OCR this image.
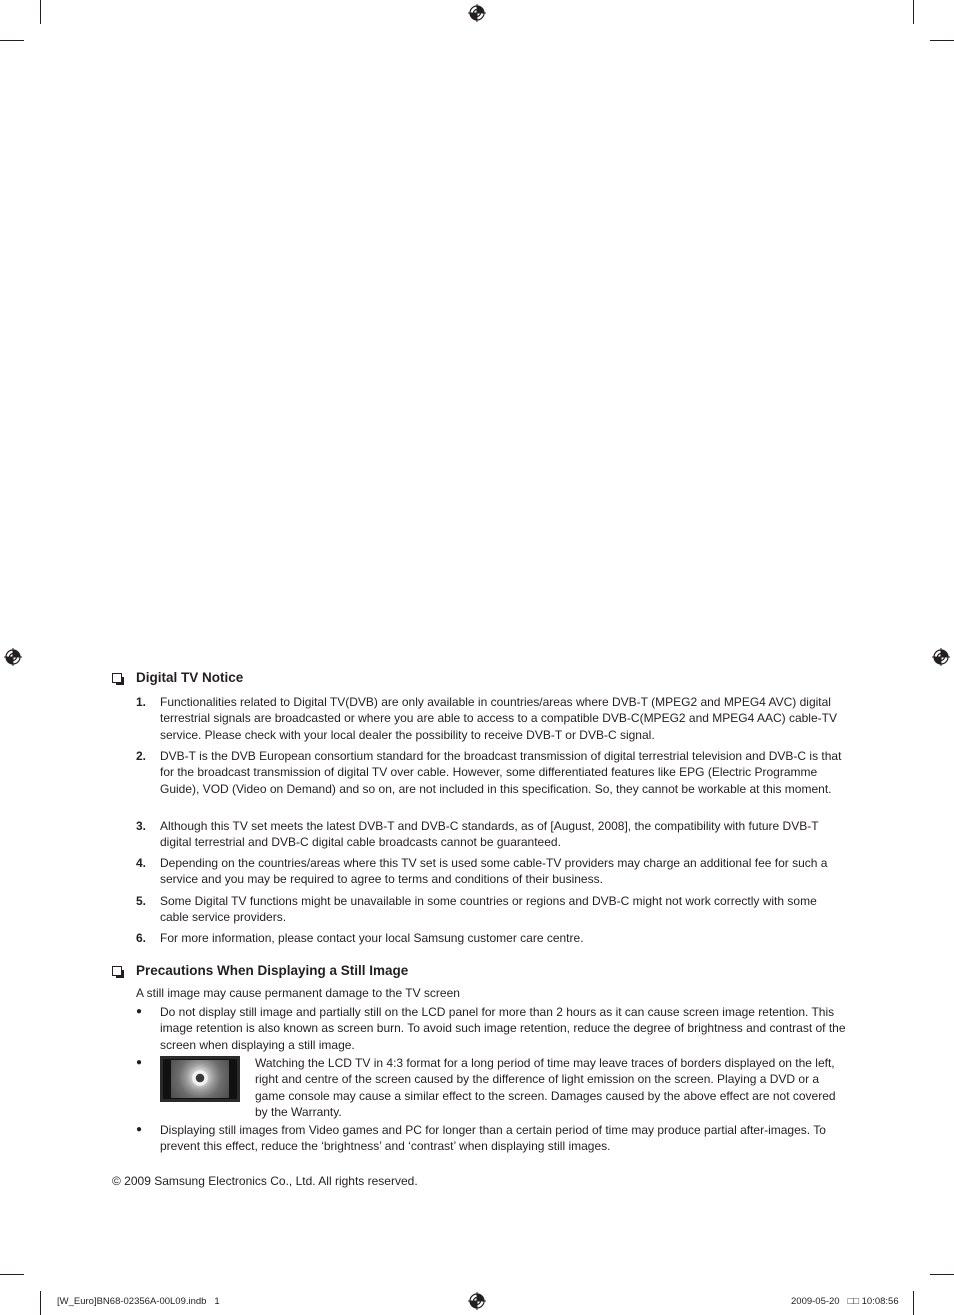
Digital TV Notice
1. Functionalities related to Digital TV(DVB) are only available in countries/areas where DVB-T (MPEG2 and MPEG4 AVC) digital terrestrial signals are broadcasted or where you are able to access to a compatible DVB-C(MPEG2 and MPEG4 AAC) cable-TV service. Please check with your local dealer the possibility to receive DVB-T or DVB-C signal.
2. DVB-T is the DVB European consortium standard for the broadcast transmission of digital terrestrial television and DVB-C is that for the broadcast transmission of digital TV over cable. However, some differentiated features like EPG (Electric Programme Guide), VOD (Video on Demand) and so on, are not included in this specification. So, they cannot be workable at this moment.
3. Although this TV set meets the latest DVB-T and DVB-C standards, as of [August, 2008], the compatibility with future DVB-T digital terrestrial and DVB-C digital cable broadcasts cannot be guaranteed.
4. Depending on the countries/areas where this TV set is used some cable-TV providers may charge an additional fee for such a service and you may be required to agree to terms and conditions of their business.
5. Some Digital TV functions might be unavailable in some countries or regions and DVB-C might not work correctly with some cable service providers.
6. For more information, please contact your local Samsung customer care centre.
Precautions When Displaying a Still Image
A still image may cause permanent damage to the TV screen
● Do not display still image and partially still on the LCD panel for more than 2 hours as it can cause screen image retention. This image retention is also known as screen burn. To avoid such image retention, reduce the degree of brightness and contrast of the screen when displaying a still image.
●	Watching the LCD TV in 4:3 format for a long period of time may leave traces of borders displayed on the left, right and centre of the screen caused by the difference of light emission on the screen. Playing a DVD or a game console may cause a similar effect to the screen. Damages caused by the above effect are not covered by the Warranty.
● Displaying still images from Video games and PC for longer than a certain period of time may produce partial after-images. To prevent this effect, reduce the ‘brightness’ and ‘contrast’ when displaying still images.
© 2009 Samsung Electronics Co., Ltd. All rights reserved.
[W_Euro]BN68-02356A-00L09.indb   1	2009-05-20   □□ 10:08:56
